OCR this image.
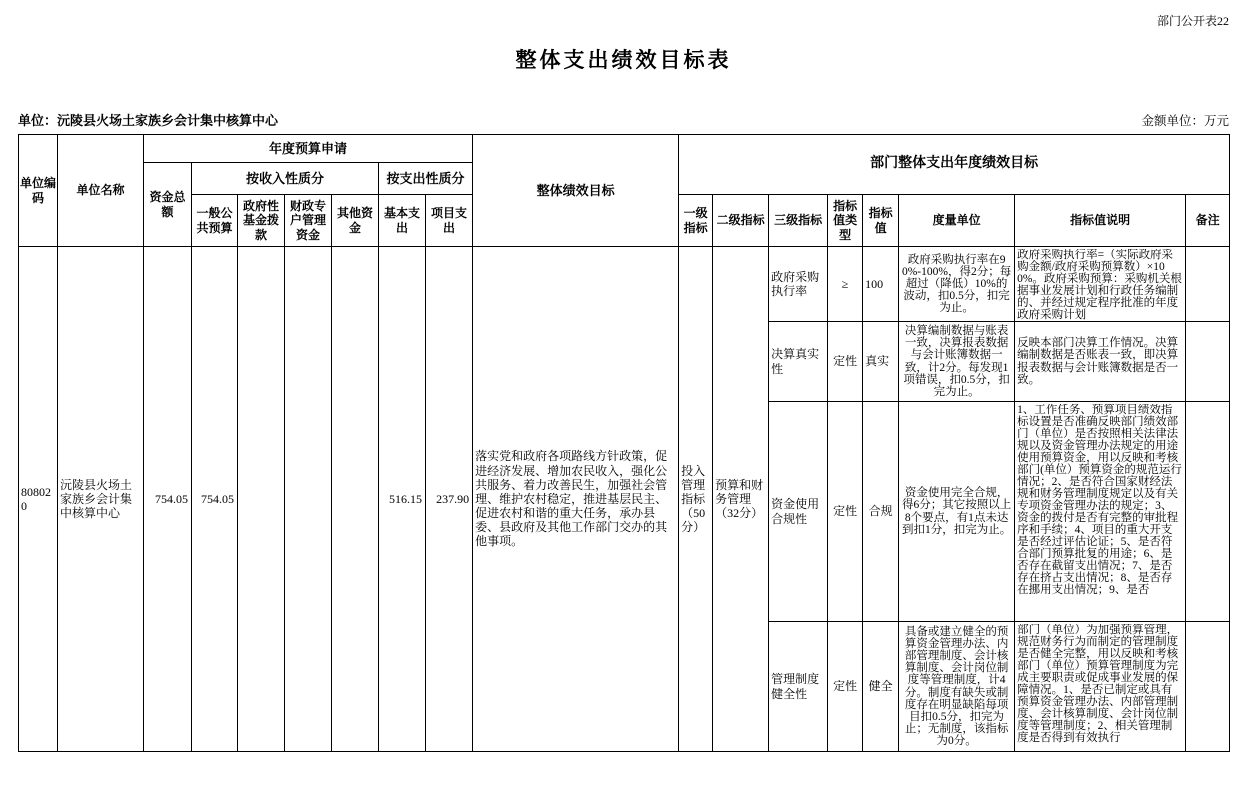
部门公开表22
整体支出绩效目标表
单位：沅陵县火场土家族乡会计集中核算中心	金额单位：万元
单位编码	单位名称	年度预算申请							整体绩效目标	部门整体支出年度绩效目标							
		资金总额	按收入性质分				按支出性质分										
			一般公共预算	政府性基金拨款	财政专户管理资金	其他资金	基本支出	项目支出		一级指标	二级指标	三级指标	指标值类型	指标值	度量单位	指标值说明	备注
808020	沅陵县火场土家族乡会计集中核算中心	754.05	754.05				516.15	237.90	落实党和政府各项路线方针政策，促进经济发展、增加农民收入，强化公共服务、着力改善民生，加强社会管理、维护农村稳定，推进基层民主、促进农村和谐的重大任务，承办县委、县政府及其他工作部门交办的其他事项。	投入管理指标（50分）	预算和财务管理（32分）	政府采购执行率	≥	100	政府采购执行率在90%-100%，得2分；每超过（降低）10%的波动，扣0.5分，扣完为止。	政府采购执行率=（实际政府采购金额/政府采购预算数）×100%。政府采购预算：采购机关根据事业发展计划和行政任务编制的、并经过规定程序批准的年度政府采购计划	

												决算真实性	定性	真实	决算编制数据与账表一致，决算报表数据与会计账簿数据一致，计2分。每发现1项错误，扣0.5分，扣完为止。	反映本部门决算工作情况。决算编制数据是否账表一致，即决算报表数据与会计账簿数据是否一致。	
												资金使用合规性	定性	合规	资金使用完全合规，得6分；其它按照以上8个要点，有1点未达到扣1分，扣完为止。	1、工作任务、预算项目绩效指标设置是否准确反映部门绩效部门（单位）是否按照相关法律法规以及资金管理办法规定的用途使用预算资金，用以反映和考核部门(单位）预算资金的规范运行情况；2、是否符合国家财经法规和财务管理制度规定以及有关专项资金管理办法的规定；3、资金的拨付是否有完整的审批程序和手续；4、项目的重大开支是否经过评估论证；5、是否符合部门预算批复的用途；6、是否存在截留支出情况；7、是否存在挤占支出情况；8、是否存在挪用支出情况；9、是否	

												管理制度健全性	定性	健全	具备或建立健全的预算资金管理办法、内部管理制度、会计核算制度、会计岗位制度等管理制度，计4分。制度有缺失或制度存在明显缺陷每项目扣0.5分，扣完为止；无制度，该指标为0分。	部门（单位）为加强预算管理，规范财务行为而制定的管理制度是否健全完整，用以反映和考核部门（单位）预算管理制度为完成主要职责或促成事业发展的保障情况。1、是否已制定或具有预算资金管理办法、内部管理制度、会计核算制度、会计岗位制度等管理制度；2、相关管理制度是否得到有效执行	
